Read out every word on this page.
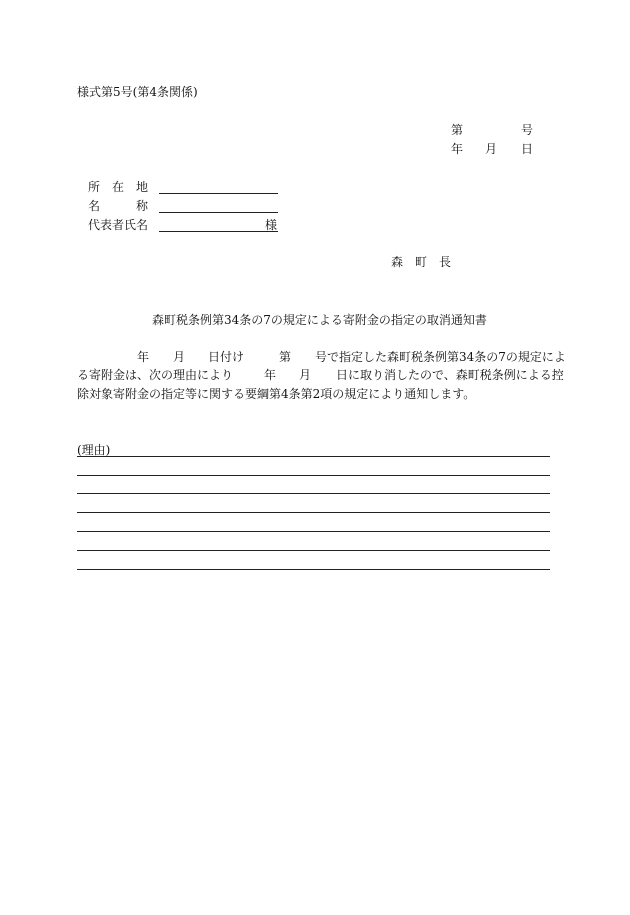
様式第5号(第4条関係)
第	号
年 月 日
所　在　地
名　　　称
代表者氏名	様
森　町　長
森町税条例第34条の7の規定による寄附金の指定の取消通知書
年 月 日付け	第 号で指定した森町税条例第34条の7の規定によ
る寄附金は、次の理由により	年 月 日に取り消したので、森町税条例による控
除対象寄附金の指定等に関する要綱第4条第2項の規定により通知します。
(理由)
